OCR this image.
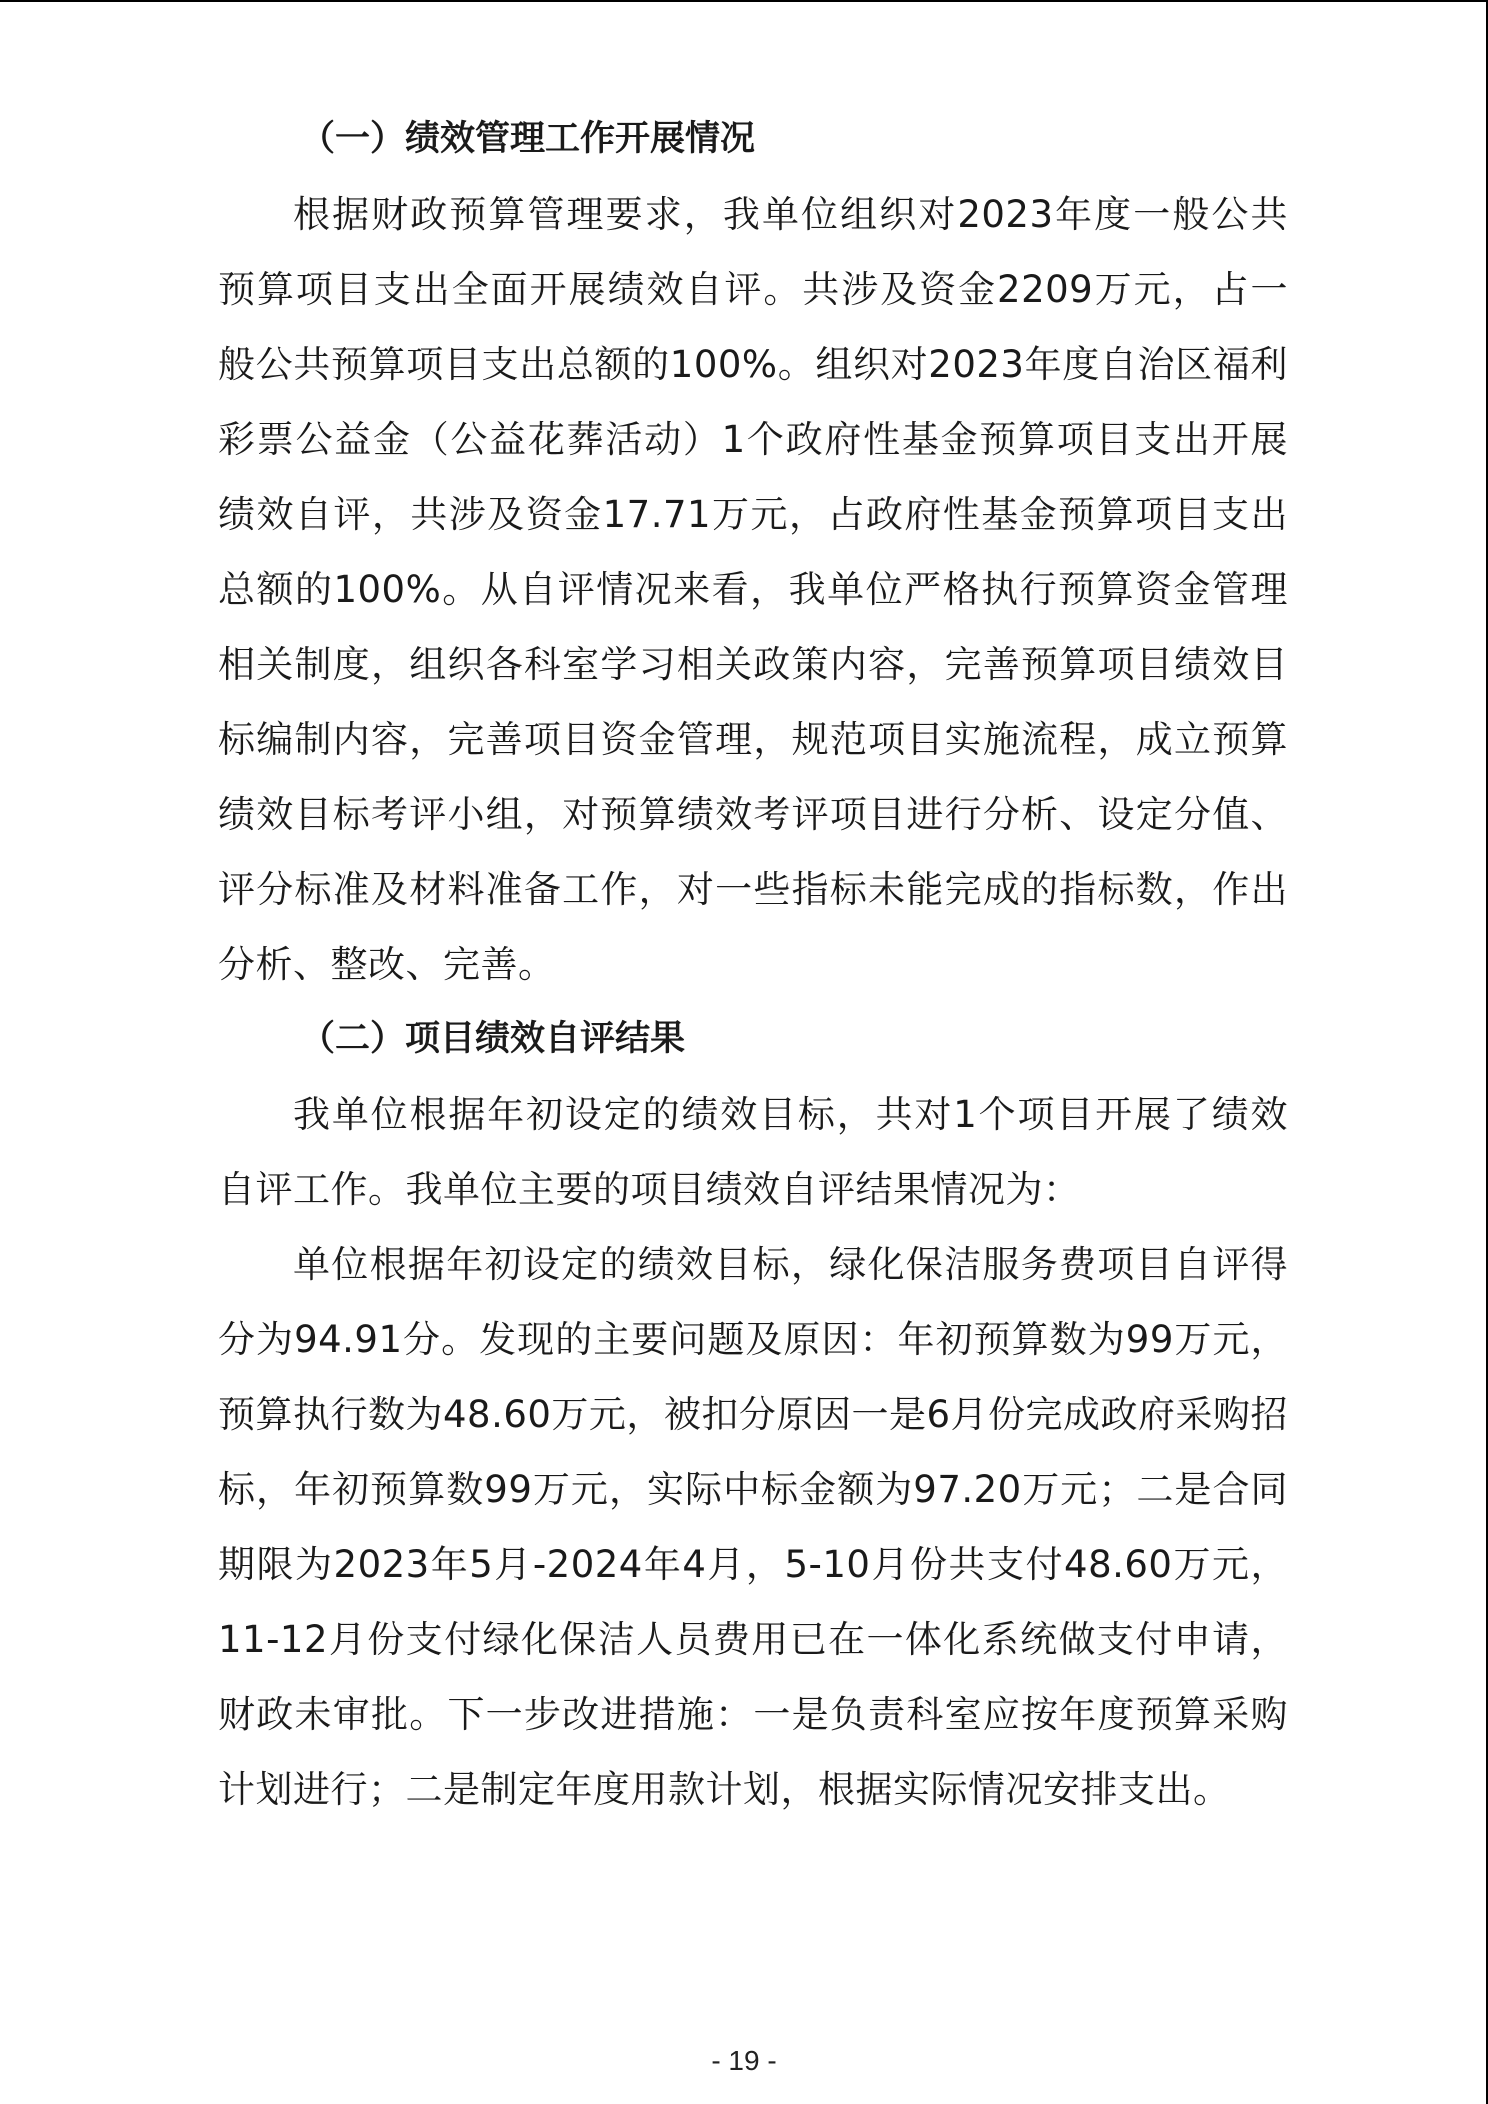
（一）绩效管理工作开展情况

根据财政预算管理要求，我单位组织对2023年度一般公共预算项目支出全面开展绩效自评。共涉及资金2209万元，占一般公共预算项目支出总额的100%。组织对2023年度自治区福利彩票公益金（公益花葬活动）1个政府性基金预算项目支出开展绩效自评，共涉及资金17.71万元，占政府性基金预算项目支出总额的100%。从自评情况来看，我单位严格执行预算资金管理相关制度，组织各科室学习相关政策内容，完善预算项目绩效目标编制内容，完善项目资金管理，规范项目实施流程，成立预算绩效目标考评小组，对预算绩效考评项目进行分析、设定分值、评分标准及材料准备工作，对一些指标未能完成的指标数，作出分析、整改、完善。

（二）项目绩效自评结果

我单位根据年初设定的绩效目标，共对1个项目开展了绩效自评工作。我单位主要的项目绩效自评结果情况为：

单位根据年初设定的绩效目标，绿化保洁服务费项目自评得分为94.91分。发现的主要问题及原因：年初预算数为99万元，预算执行数为48.60万元，被扣分原因一是6月份完成政府采购招标，年初预算数99万元，实际中标金额为97.20万元；二是合同期限为2023年5月-2024年4月，5-10月份共支付48.60万元，11-12月份支付绿化保洁人员费用已在一体化系统做支付申请，财政未审批。下一步改进措施：一是负责科室应按年度预算采购计划进行；二是制定年度用款计划，根据实际情况安排支出。

- 19 -
